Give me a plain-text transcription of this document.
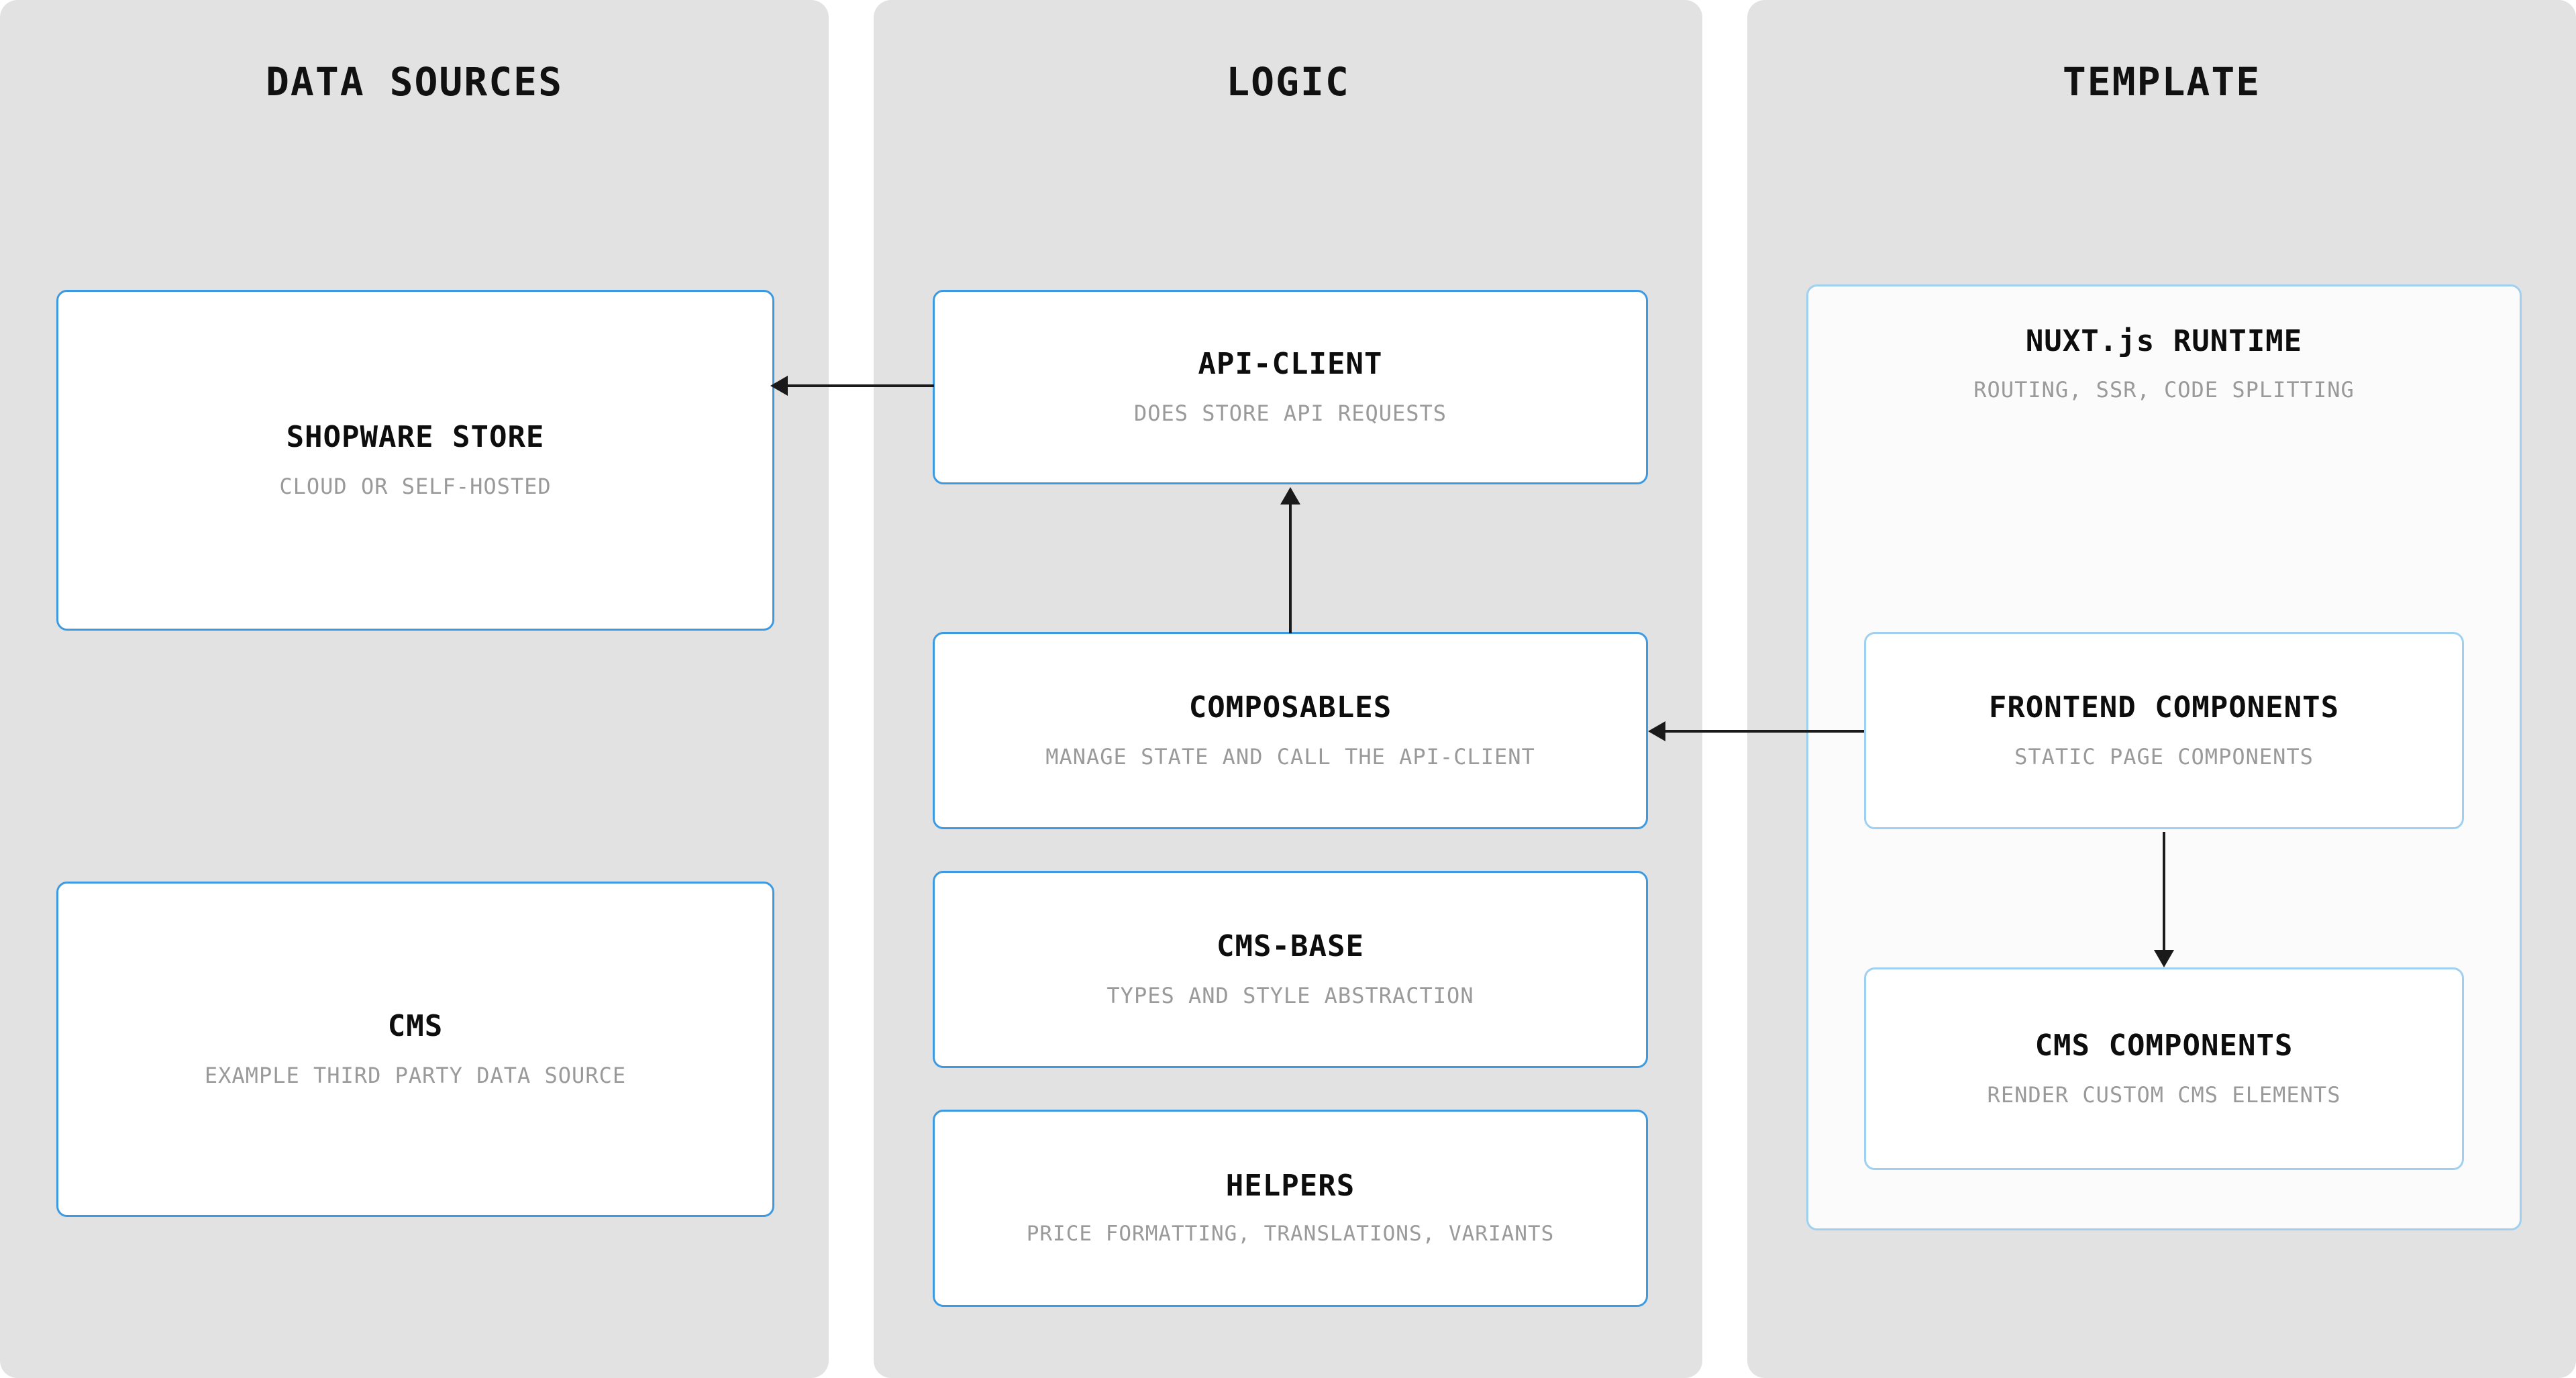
DATA SOURCES
SHOPWARE STORE
CLOUD OR SELF-HOSTED
CMS
EXAMPLE THIRD PARTY DATA SOURCE
LOGIC
API-CLIENT
DOES STORE API REQUESTS
COMPOSABLES
MANAGE STATE AND CALL THE API-CLIENT
CMS-BASE
TYPES AND STYLE ABSTRACTION
HELPERS
PRICE FORMATTING, TRANSLATIONS, VARIANTS
TEMPLATE
NUXT.js RUNTIME
ROUTING, SSR, CODE SPLITTING
FRONTEND COMPONENTS
STATIC PAGE COMPONENTS
CMS COMPONENTS
RENDER CUSTOM CMS ELEMENTS
